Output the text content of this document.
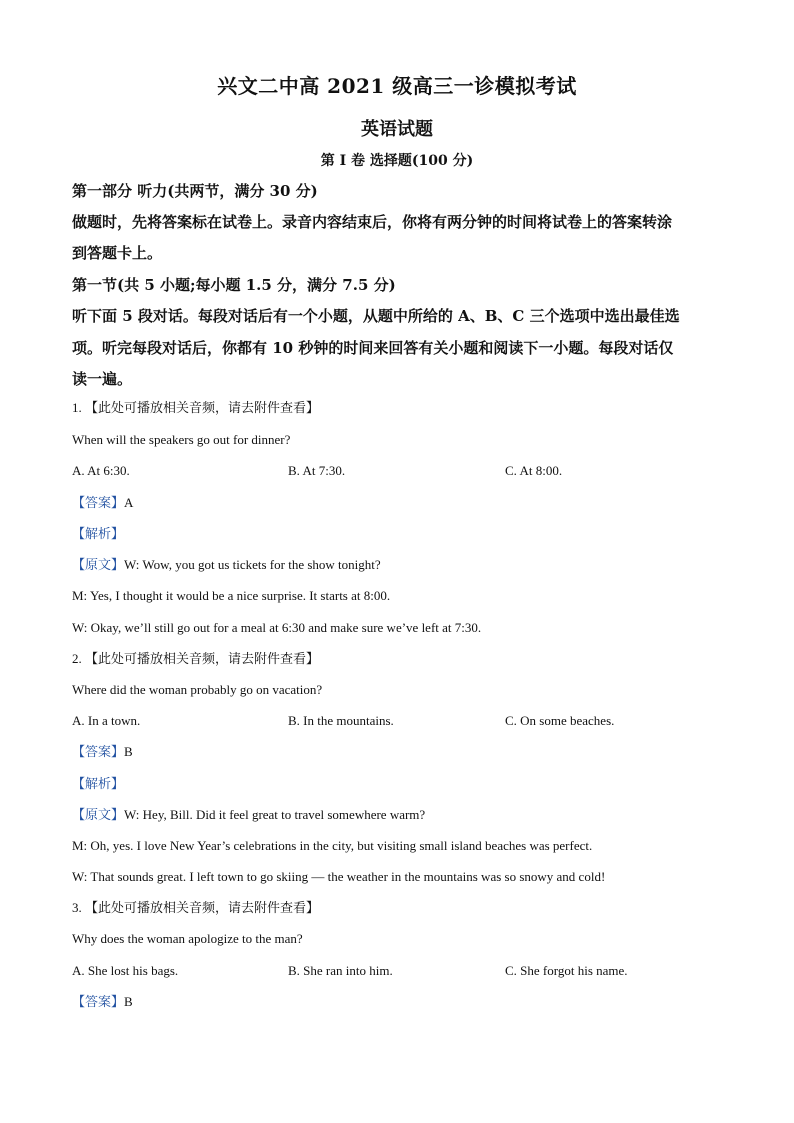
兴文二中高 2021 级高三一诊模拟考试
英语试题
第 I 卷 选择题(100 分)
第一部分 听力(共两节，满分 30 分)
做题时，先将答案标在试卷上。录音内容结束后，你将有两分钟的时间将试卷上的答案转涂
到答题卡上。
第一节(共 5 小题;每小题 1.5 分，满分 7.5 分)
听下面 5 段对话。每段对话后有一个小题，从题中所给的 A、B、C 三个选项中选出最佳选
项。听完每段对话后，你都有 10 秒钟的时间来回答有关小题和阅读下一小题。每段对话仅
读一遍。
1. 【此处可播放相关音频，请去附件查看】
When will the speakers go out for dinner?
A. At 6:30.	B. At 7:30.	C. At 8:00.
【答案】A
【解析】
【原文】W: Wow, you got us tickets for the show tonight?
M: Yes, I thought it would be a nice surprise. It starts at 8:00.
W: Okay, we’ll still go out for a meal at 6:30 and make sure we’ve left at 7:30.
2. 【此处可播放相关音频，请去附件查看】
Where did the woman probably go on vacation?
A. In a town.	B. In the mountains.	C. On some beaches.
【答案】B
【解析】
【原文】W: Hey, Bill. Did it feel great to travel somewhere warm?
M: Oh, yes. I love New Year’s celebrations in the city, but visiting small island beaches was perfect.
W: That sounds great. I left town to go skiing — the weather in the mountains was so snowy and cold!
3. 【此处可播放相关音频，请去附件查看】
Why does the woman apologize to the man?
A. She lost his bags.	B. She ran into him.	C. She forgot his name.
【答案】B
